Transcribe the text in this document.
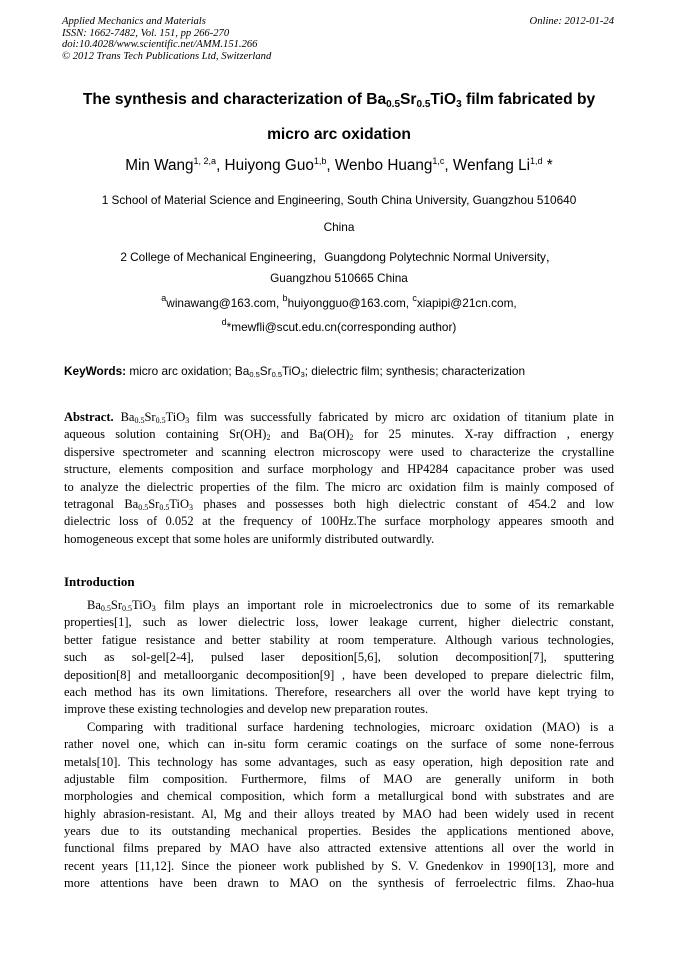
Applied Mechanics and Materials
ISSN: 1662-7482, Vol. 151, pp 266-270
doi:10.4028/www.scientific.net/AMM.151.266
© 2012 Trans Tech Publications Ltd, Switzerland
Online: 2012-01-24
The synthesis and characterization of $Ba_{0.5}Sr_{0.5}TiO_3$ film fabricated by
micro arc oxidation
Min Wang$^{1, 2,a}$, Huiyong Guo$^{1,b}$, Wenbo Huang$^{1,c}$, Wenfang Li$^{1,d}$ *
1 School of Material Science and Engineering, South China University, Guangzhou 510640
China
2 College of Mechanical Engineering，Guangdong Polytechnic Normal University，
Guangzhou 510665 China
$^a$winawang@163.com, $^b$huiyongguo@163.com, $^c$xiapipi@21cn.com,
$^d$*mewfli@scut.edu.cn(corresponding author)
KeyWords: micro arc oxidation; $Ba_{0.5}Sr_{0.5}TiO_3$; dielectric film; synthesis; characterization
Abstract. $Ba_{0.5}Sr_{0.5}TiO_3$ film was successfully fabricated by micro arc oxidation of titanium plate in
aqueous solution containing $Sr(OH)_2$ and $Ba(OH)_2$ for 25 minutes. X-ray diffraction , energy
dispersive spectrometer and scanning electron microscopy were used to characterize the crystalline
structure, elements composition and surface morphology and HP4284 capacitance prober was used
to analyze the dielectric properties of the film. The micro arc oxidation film is mainly composed of
tetragonal $Ba_{0.5}Sr_{0.5}TiO_3$ phases and possesses both high dielectric constant of 454.2 and low
dielectric loss of 0.052 at the frequency of 100Hz.The surface morphology appeares smooth and
homogeneous except that some holes are uniformly distributed outwardly.
Introduction
$Ba_{0.5}Sr_{0.5}TiO_3$ film plays an important role in microelectronics due to some of its remarkable
properties[1], such as lower dielectric loss, lower leakage current, higher dielectric constant,
better fatigue resistance and better stability at room temperature. Although various technologies,
such as sol-gel[2-4], pulsed laser deposition[5,6], solution decomposition[7], sputtering
deposition[8] and metalloorganic decomposition[9] , have been developed to prepare dielectric film,
each method has its own limitations. Therefore, researchers all over the world have kept trying to
improve these existing technologies and develop new preparation routes.
Comparing with traditional surface hardening technologies, microarc oxidation (MAO) is a
rather novel one, which can in-situ form ceramic coatings on the surface of some none-ferrous
metals[10]. This technology has some advantages, such as easy operation, high deposition rate and
adjustable film composition. Furthermore, films of MAO are generally uniform in both
morphologies and chemical composition, which form a metallurgical bond with substrates and are
highly abrasion-resistant. Al, Mg and their alloys treated by MAO had been widely used in recent
years due to its outstanding mechanical properties. Besides the applications mentioned above,
functional films prepared by MAO have also attracted extensive attentions all over the world in
recent years [11,12]. Since the pioneer work published by S. V. Gnedenkov in 1990[13], more and
more attentions have been drawn to MAO on the synthesis of ferroelectric films. Zhao-hua
